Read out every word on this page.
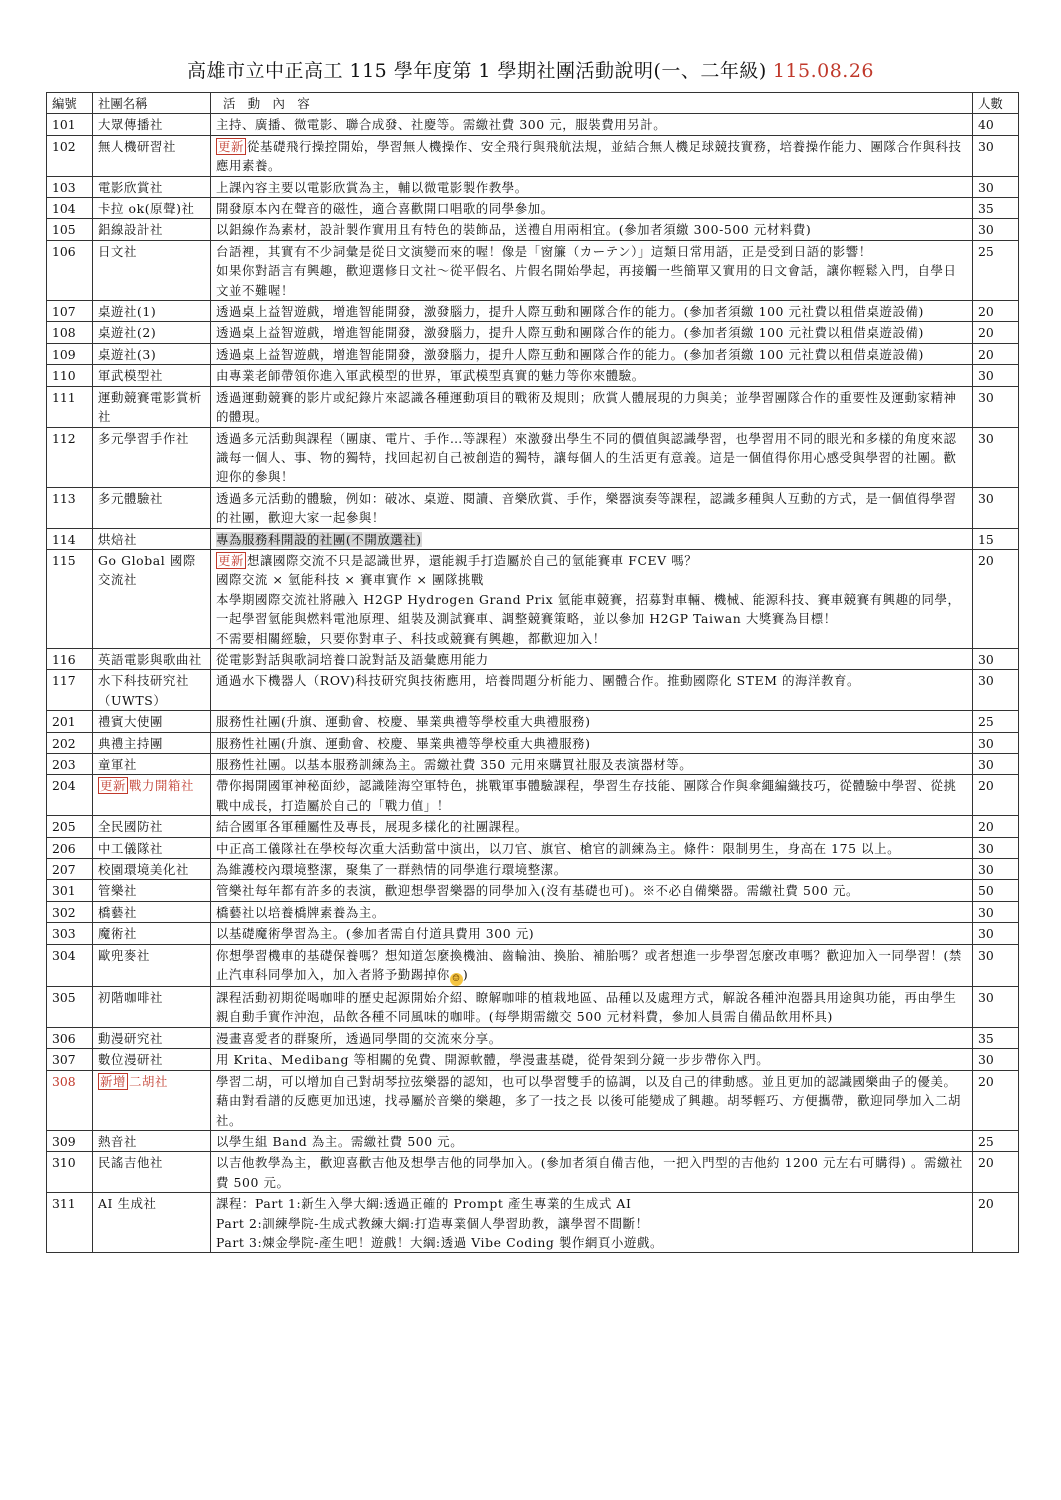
高雄市立中正高工 115 學年度第 1 學期社團活動說明(一、二年級) 115.08.26
編號	社團名稱	活　動　內　容	人數
101	大眾傳播社	主持、廣播、微電影、聯合成發、社慶等。需繳社費 300 元，服裝費用另計。	40
102	無人機研習社	更新 從基礎飛行操控開始，學習無人機操作、安全飛行與飛航法規，並結合無人機足球競技實務，培養操作能力、團隊合作與科技應用素養。	30
103	電影欣賞社	上課內容主要以電影欣賞為主，輔以微電影製作教學。	30
104	卡拉 ok(原聲)社	開發原本內在聲音的磁性，適合喜歡開口唱歌的同學參加。	35
105	鋁線設計社	以鋁線作為素材，設計製作實用且有特色的裝飾品，送禮自用兩相宜。(參加者須繳 300-500 元材料費)	30
106	日文社	台語裡，其實有不少詞彙是從日文演變而來的喔！像是「窗簾（カーテン）」這類日常用語，正是受到日語的影響！
如果你對語言有興趣，歡迎選修日文社～從平假名、片假名開始學起，再接觸一些簡單又實用的日文會話，讓你輕鬆入門，自學日文並不難喔！	25
107	桌遊社(1)	透過桌上益智遊戲，增進智能開發，激發腦力，提升人際互動和團隊合作的能力。(參加者須繳 100 元社費以租借桌遊設備)	20
108	桌遊社(2)	透過桌上益智遊戲，增進智能開發，激發腦力，提升人際互動和團隊合作的能力。(參加者須繳 100 元社費以租借桌遊設備)	20
109	桌遊社(3)	透過桌上益智遊戲，增進智能開發，激發腦力，提升人際互動和團隊合作的能力。(參加者須繳 100 元社費以租借桌遊設備)	20
110	軍武模型社	由專業老師帶領你進入軍武模型的世界，軍武模型真實的魅力等你來體驗。	30
111	運動競賽電影賞析社	透過運動競賽的影片或紀錄片來認識各種運動項目的戰術及規則；欣賞人體展現的力與美；並學習團隊合作的重要性及運動家精神的體現。	30
112	多元學習手作社	透過多元活動與課程（團康、電片、手作…等課程）來激發出學生不同的價值與認識學習，也學習用不同的眼光和多樣的角度來認識每一個人、事、物的獨特，找回起初自己被創造的獨特，讓每個人的生活更有意義。這是一個值得你用心感受與學習的社團。歡迎你的參與！	30
113	多元體驗社	透過多元活動的體驗，例如：破冰、桌遊、閱讀、音樂欣賞、手作，樂器演奏等課程，認識多種與人互動的方式，是一個值得學習的社團，歡迎大家一起參與！	30
114	烘焙社	專為服務科開設的社團(不開放選社)	15
115	Go Global 國際交流社	更新 想讓國際交流不只是認識世界，還能親手打造屬於自己的氫能賽車 FCEV 嗎？
國際交流 × 氫能科技 × 賽車實作 × 團隊挑戰
本學期國際交流社將融入 H2GP Hydrogen Grand Prix 氫能車競賽，招募對車輛、機械、能源科技、賽車競賽有興趣的同學，一起學習氫能與燃料電池原理、組裝及測試賽車、調整競賽策略，並以參加 H2GP Taiwan 大獎賽為目標！
不需要相關經驗，只要你對車子、科技或競賽有興趣，都歡迎加入！	20
116	英語電影與歌曲社	從電影對話與歌詞培養口說對話及語彙應用能力	30
117	水下科技研究社（UWTS）	通過水下機器人（ROV)科技研究與技術應用，培養問題分析能力、團體合作。推動國際化 STEM 的海洋教育。	30
201	禮賓大使團	服務性社團(升旗、運動會、校慶、畢業典禮等學校重大典禮服務)	25
202	典禮主持團	服務性社團(升旗、運動會、校慶、畢業典禮等學校重大典禮服務)	30
203	童軍社	服務性社團。以基本服務訓練為主。需繳社費 350 元用來購買社服及表演器材等。	30
204	更新 戰力開箱社	帶你揭開國軍神秘面紗，認識陸海空軍特色，挑戰軍事體驗課程，學習生存技能、團隊合作與傘繩編織技巧，從體驗中學習、從挑戰中成長，打造屬於自己的「戰力值」！	20
205	全民國防社	結合國軍各軍種屬性及專長，展現多樣化的社團課程。	20
206	中工儀隊社	中正高工儀隊社在學校每次重大活動當中演出，以刀官、旗官、槍官的訓練為主。條件：限制男生，身高在 175 以上。	30
207	校園環境美化社	為維護校內環境整潔，聚集了一群熱情的同學進行環境整潔。	30
301	管樂社	管樂社每年都有許多的表演，歡迎想學習樂器的同學加入(沒有基礎也可)。※不必自備樂器。需繳社費 500 元。	50
302	橋藝社	橋藝社以培養橋牌素養為主。	30
303	魔術社	以基礎魔術學習為主。(參加者需自付道具費用 300 元)	30
304	歐兜麥社	你想學習機車的基礎保養嗎？想知道怎麼換機油、齒輪油、換胎、補胎嗎？或者想進一步學習怎麼改車嗎？歡迎加入一同學習！(禁止汽車科同學加入，加入者將予勤踢掉你 ☺ )	30
305	初階咖啡社	課程活動初期從喝咖啡的歷史起源開始介紹、瞭解咖啡的植栽地區、品種以及處理方式，解說各種沖泡器具用途與功能，再由學生親自動手實作沖泡，品飲各種不同風味的咖啡。(每學期需繳交 500 元材料費，參加人員需自備品飲用杯具)	30
306	動漫研究社	漫畫喜愛者的群聚所，透過同學間的交流來分享。	35
307	數位漫研社	用 Krita、Medibang 等相關的免費、開源軟體，學漫畫基礎，從骨架到分鏡一步步帶你入門。	30
308	新增 二胡社	學習二胡，可以增加自己對胡琴拉弦樂器的認知，也可以學習雙手的協調，以及自己的律動感。並且更加的認識國樂曲子的優美。
藉由對看譜的反應更加迅速，找尋屬於音樂的樂趣，多了一技之長 以後可能變成了興趣。胡琴輕巧、方便攜帶，歡迎同學加入二胡社。	20
309	熱音社	以學生組 Band 為主。需繳社費 500 元。	25
310	民謠吉他社	以吉他教學為主，歡迎喜歡吉他及想學吉他的同學加入。(參加者須自備吉他，一把入門型的吉他約 1200 元左右可購得) 。需繳社費 500 元。	20
311	AI 生成社	課程：Part 1:新生入學大綱:透過正確的 Prompt 產生專業的生成式 AI
Part 2:訓練學院-生成式教練大綱:打造專業個人學習助教，讓學習不間斷！
Part 3:煉金學院-產生吧！遊戲！大綱:透過 Vibe Coding 製作網頁小遊戲。	20
